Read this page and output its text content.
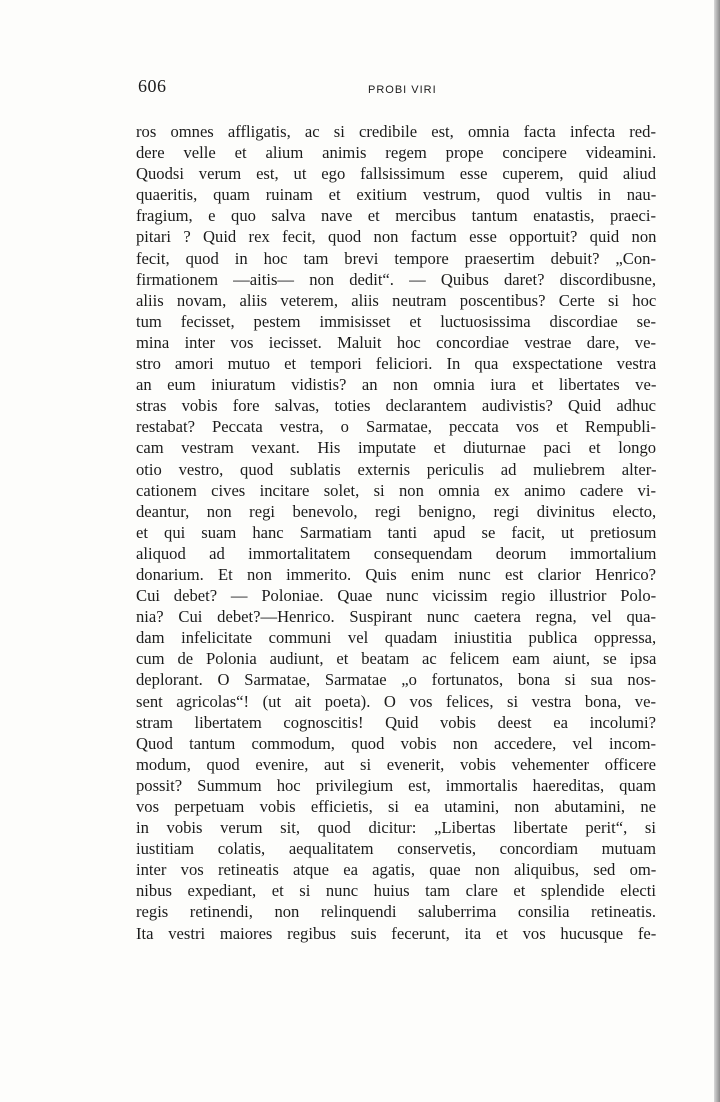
606	PROBI VIRI
ros omnes affligatis, ac si credibile est, omnia facta infecta red-
dere velle et alium animis regem prope concipere videamini.
Quodsi verum est, ut ego fallsissimum esse cuperem, quid aliud
quaeritis, quam ruinam et exitium vestrum, quod vultis in nau-
fragium, e quo salva nave et mercibus tantum enatastis, praeci-
pitari ? Quid rex fecit, quod non factum esse opportuit? quid non
fecit, quod in hoc tam brevi tempore praesertim debuit? „Con-
firmationem —aitis— non dedit“. — Quibus daret? discordibusne,
aliis novam, aliis veterem, aliis neutram poscentibus? Certe si hoc
tum fecisset, pestem immisisset et luctuosissima discordiae se-
mina inter vos iecisset. Maluit hoc concordiae vestrae dare, ve-
stro amori mutuo et tempori feliciori. In qua exspectatione vestra
an eum iniuratum vidistis? an non omnia iura et libertates ve-
stras vobis fore salvas, toties declarantem audivistis? Quid adhuc
restabat? Peccata vestra, o Sarmatae, peccata vos et Rempubli-
cam vestram vexant. His imputate et diuturnae paci et longo
otio vestro, quod sublatis externis periculis ad muliebrem alter-
cationem cives incitare solet, si non omnia ex animo cadere vi-
deantur, non regi benevolo, regi benigno, regi divinitus electo,
et qui suam hanc Sarmatiam tanti apud se facit, ut pretiosum
aliquod ad immortalitatem consequendam deorum immortalium
donarium. Et non immerito. Quis enim nunc est clarior Henrico?
Cui debet? — Poloniae. Quae nunc vicissim regio illustrior Polo-
nia? Cui debet?—Henrico. Suspirant nunc caetera regna, vel qua-
dam infelicitate communi vel quadam iniustitia publica oppressa,
cum de Polonia audiunt, et beatam ac felicem eam aiunt, se ipsa
deplorant. O Sarmatae, Sarmatae „o fortunatos, bona si sua nos-
sent agricolas“! (ut ait poeta). O vos felices, si vestra bona, ve-
stram libertatem cognoscitis! Quid vobis deest ea incolumi?
Quod tantum commodum, quod vobis non accedere, vel incom-
modum, quod evenire, aut si evenerit, vobis vehementer officere
possit? Summum hoc privilegium est, immortalis haereditas, quam
vos perpetuam vobis efficietis, si ea utamini, non abutamini, ne
in vobis verum sit, quod dicitur: „Libertas libertate perit“, si
iustitiam colatis, aequalitatem conservetis, concordiam mutuam
inter vos retineatis atque ea agatis, quae non aliquibus, sed om-
nibus expediant, et si nunc huius tam clare et splendide electi
regis retinendi, non relinquendi saluberrima consilia retineatis.
Ita vestri maiores regibus suis fecerunt, ita et vos hucusque fe-
